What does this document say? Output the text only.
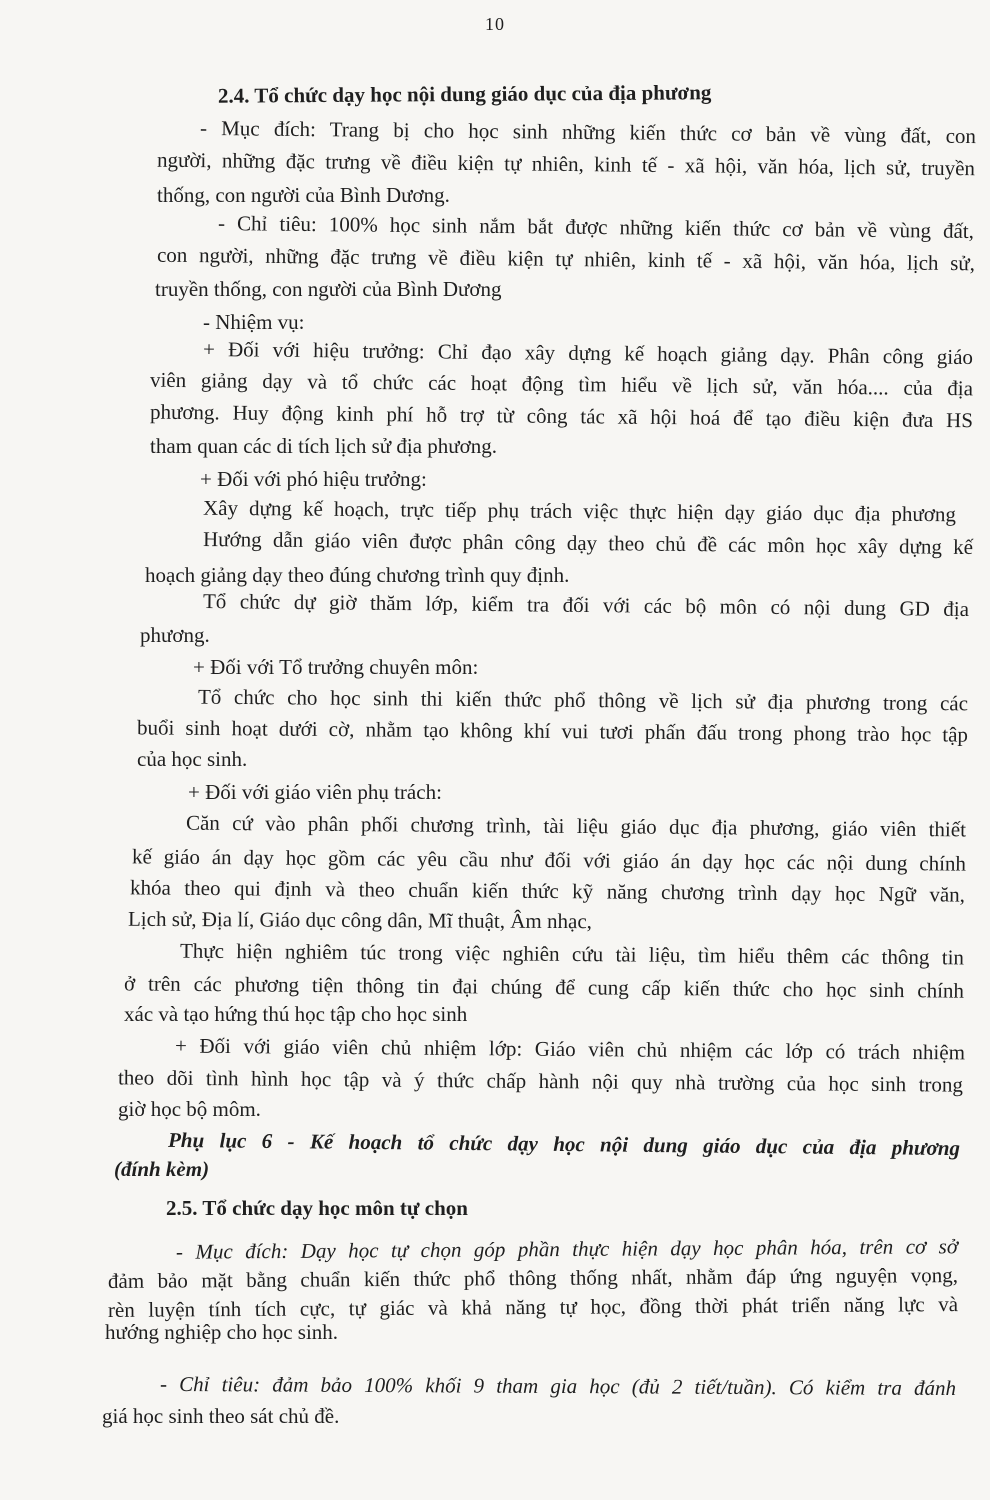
10
2.4. Tổ chức dạy học nội dung giáo dục của địa phương
- Mục đích: Trang bị cho học sinh những kiến thức cơ bản về vùng đất, con
người, những đặc trưng về điều kiện tự nhiên, kinh tế - xã hội, văn hóa, lịch sử, truyền
thống, con người của Bình Dương.
- Chỉ tiêu: 100% học sinh nắm bắt được những kiến thức cơ bản về vùng đất,
con người, những đặc trưng về điều kiện tự nhiên, kinh tế - xã hội, văn hóa, lịch sử,
truyền thống, con người của Bình Dương
- Nhiệm vụ:
+ Đối với hiệu trưởng: Chỉ đạo xây dựng kế hoạch giảng dạy. Phân công giáo
viên giảng dạy và tổ chức các hoạt động tìm hiểu về lịch sử, văn hóa.... của địa
phương. Huy động kinh phí hỗ trợ từ công tác xã hội hoá để tạo điều kiện đưa HS
tham quan các di tích lịch sử địa phương.
+ Đối với phó hiệu trưởng:
Xây dựng kế hoạch, trực tiếp phụ trách việc thực hiện dạy giáo dục địa phương
Hướng dẫn giáo viên được phân công dạy theo chủ đề các môn học xây dựng kế
hoạch giảng dạy theo đúng chương trình quy định.
Tổ chức dự giờ thăm lớp, kiểm tra đối với các bộ môn có nội dung GD địa
phương.
+ Đối với Tổ trưởng chuyên môn:
Tổ chức cho học sinh thi kiến thức phổ thông về lịch sử địa phương trong các
buổi sinh hoạt dưới cờ, nhằm tạo không khí vui tươi phấn đấu trong phong trào học tập
của học sinh.
+ Đối với giáo viên phụ trách:
Căn cứ vào phân phối chương trình, tài liệu giáo dục địa phương, giáo viên thiết
kế giáo án dạy học gồm các yêu cầu như đối với giáo án dạy học các nội dung chính
khóa theo qui định và theo chuẩn kiến thức kỹ năng chương trình dạy học Ngữ văn,
Lịch sử, Địa lí, Giáo dục công dân, Mĩ thuật, Âm nhạc,
Thực hiện nghiêm túc trong việc nghiên cứu tài liệu, tìm hiểu thêm các thông tin
ở trên các phương tiện thông tin đại chúng để cung cấp kiến thức cho học sinh chính
xác và tạo hứng thú học tập cho học sinh
+ Đối với giáo viên chủ nhiệm lớp: Giáo viên chủ nhiệm các lớp có trách nhiệm
theo dõi tình hình học tập và ý thức chấp hành nội quy nhà trường của học sinh trong
giờ học bộ môm.
Phụ lục 6 - Kế hoạch tổ chức dạy học nội dung giáo dục của địa phương
(đính kèm)
2.5. Tổ chức dạy học môn tự chọn
- Mục đích: Dạy học tự chọn góp phần thực hiện dạy học phân hóa, trên cơ sở
đảm bảo mặt bằng chuẩn kiến thức phổ thông thống nhất, nhằm đáp ứng nguyện vọng,
rèn luyện tính tích cực, tự giác và khả năng tự học, đồng thời phát triển năng lực và
hướng nghiệp cho học sinh.
- Chỉ tiêu: đảm bảo 100% khối 9 tham gia học (đủ 2 tiết/tuần). Có kiểm tra đánh
giá học sinh theo sát chủ đề.
